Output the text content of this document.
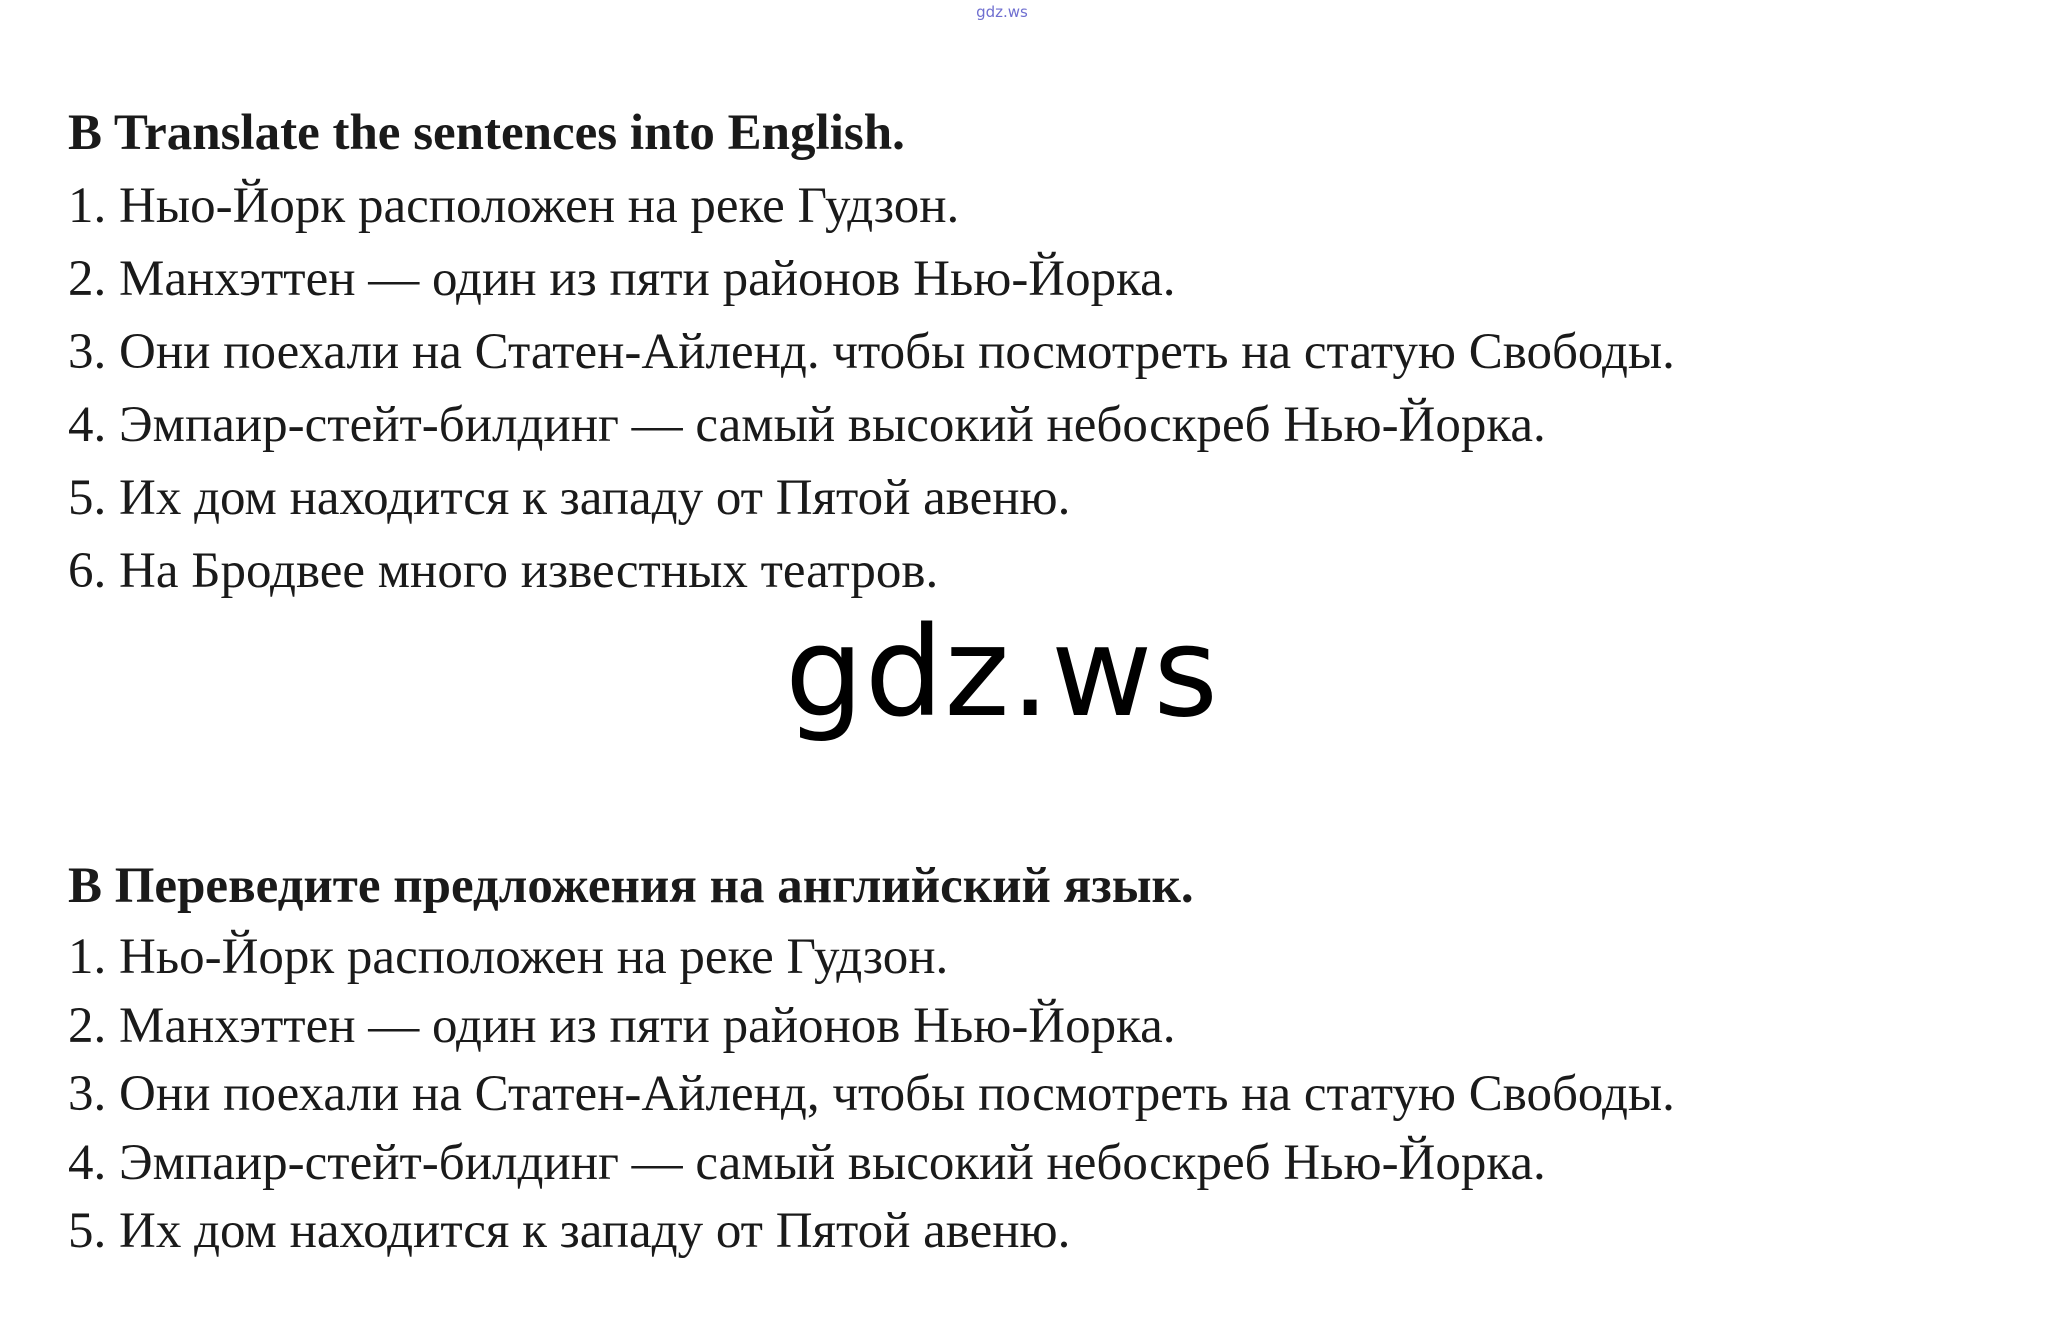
gdz.ws
B Translate the sentences into English.
1. Ныо-Йорк расположен на реке Гудзон.
2. Манхэттен — один из пяти районов Нью-Йорка.
3. Они поехали на Статен-Айленд. чтобы посмотреть на статую Свободы.
4. Эмпаир-стейт-билдинг — самый высокий небоскреб Нью-Йорка.
5. Их дом находится к западу от Пятой авеню.
6. На Бродвее много известных театров.
gdz.ws
B Переведите предложения на английский язык.
1. Ньо-Йорк расположен на реке Гудзон.
2. Манхэттен — один из пяти районов Нью-Йорка.
3. Они поехали на Статен-Айленд, чтобы посмотреть на статую Свободы.
4. Эмпаир-стейт-билдинг — самый высокий небоскреб Нью-Йорка.
5. Их дом находится к западу от Пятой авеню.
